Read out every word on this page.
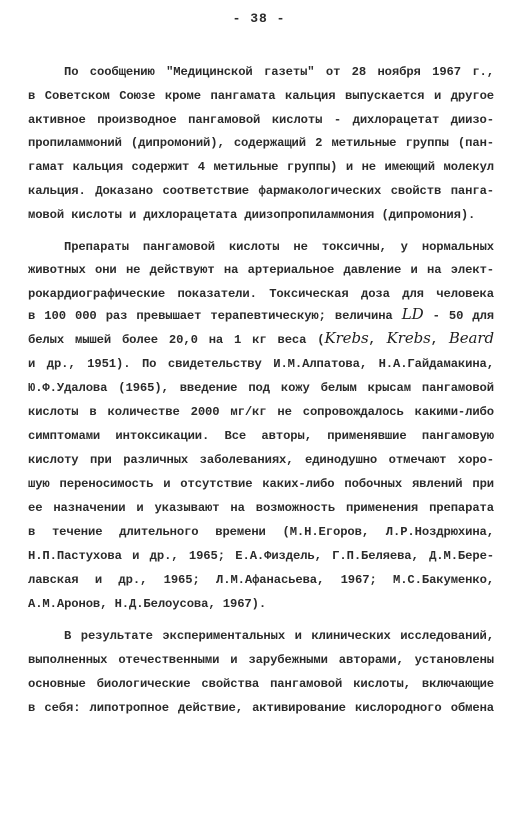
- 38 -
По сообщению "Медицинской газеты" от 28 ноября 1967 г.,
в Советском Союзе кроме пангамата кальция выпускается и другое
активное производное пангамовой кислоты - дихлорацетат диизо-
пропиламмоний (дипромоний), содержащий 2 метильные группы (пан-
гамат кальция содержит 4 метильные группы) и не имеющий молекул
кальция. Доказано соответствие фармакологических свойств панга-
мовой кислоты и дихлорацетата диизопропиламмония (дипромония).
Препараты пангамовой кислоты не токсичны, у нормальных
животных они не действуют на артериальное давление и на элект-
рокардиографические показатели. Токсическая доза для человека
в 100 000 раз превышает терапевтическую; величина LD - 50 для
белых мышей более 20,0 на 1 кг веса (Krebs, Krebs, Beard
и др., 1951). По свидетельству И.М.Алпатова, Н.А.Гайдамакина,
Ю.Ф.Удалова (1965), введение под кожу белым крысам пангамовой
кислоты в количестве 2000 мг/кг не сопровождалось какими-либо
симптомами интоксикации. Все авторы, применявшие пангамовую
кислоту при различных заболеваниях, единодушно отмечают хоро-
шую переносимость и отсутствие каких-либо побочных явлений при
ее назначении и указывают на возможность применения препарата
в течение длительного времени (М.Н.Егоров, Л.Р.Ноздрюхина,
Н.П.Пастухова и др., 1965; Е.А.Физдель, Г.П.Беляева, Д.М.Бере-
лавская и др., 1965; Л.М.Афанасьева, 1967; М.С.Бакуменко,
А.М.Аронов, Н.Д.Белоусова, 1967).
В результате экспериментальных и клинических исследований,
выполненных отечественными и зарубежными авторами, установлены
основные биологические свойства пангамовой кислоты, включающие
в себя: липотропное действие, активирование кислородного обмена
